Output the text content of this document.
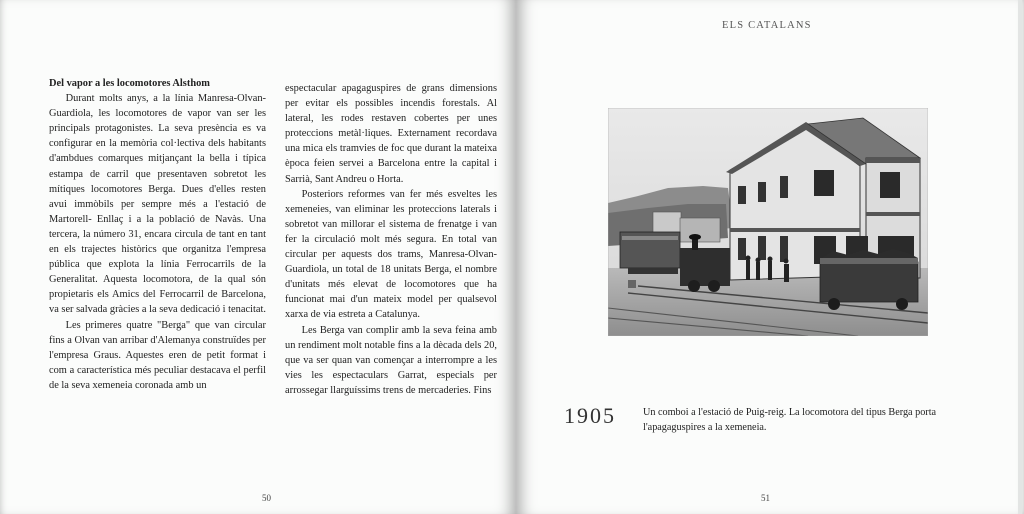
Del vapor a les locomotores Alsthom

Durant molts anys, a la línia Manresa-Olvan-Guardiola, les locomotores de vapor van ser les principals protagonistes. La seva presència es va configurar en la memòria col·lectiva dels habitants d'ambdues comarques mitjançant la bella i típica estampa de carril que presentaven sobretot les mítiques locomotores Berga. Dues d'elles resten avui immòbils per sempre més a l'estació de Martorell- Enllaç i a la població de Navàs. Una tercera, la número 31, encara circula de tant en tant en els trajectes històrics que organitza l'empresa pública que explota la línia Ferrocarrils de la Generalitat. Aquesta locomotora, de la qual són propietaris els Amics del Ferrocarril de Barcelona, va ser salvada gràcies a la seva dedicació i tenacitat.

Les primeres quatre "Berga" que van circular fins a Olvan van arribar d'Alemanya construïdes per l'empresa Graus. Aquestes eren de petit format i com a característica més peculiar destacava el perfil de la seva xemeneia coronada amb un

espectacular apagaguspires de grans dimensions per evitar els possibles incendis forestals. Al lateral, les rodes restaven cobertes per unes proteccions metàl·liques. Externament recordava una mica els tramvies de foc que durant la mateixa època feien servei a Barcelona entre la capital i Sarrià, Sant Andreu o Horta.

Posteriors reformes van fer més esveltes les xemeneies, van eliminar les proteccions laterals i sobretot van millorar el sistema de frenatge i van fer la circulació molt més segura. En total van circular per aquests dos trams, Manresa-Olvan-Guardiola, un total de 18 unitats Berga, el nombre d'unitats més elevat de locomotores que ha funcionat mai d'un mateix model per qualsevol xarxa de via estreta a Catalunya.

Les Berga van complir amb la seva feina amb un rendiment molt notable fins a la dècada dels 20, que va ser quan van començar a interrompre a les vies les espectaculars Garrat, especials per arrossegar llarguíssims trens de mercaderies. Fins

50
ELS CATALANS
1905	Un comboi a l'estació de Puig-reig. La locomotora del tipus Berga porta l'apagaguspires a la xemeneia.
51
